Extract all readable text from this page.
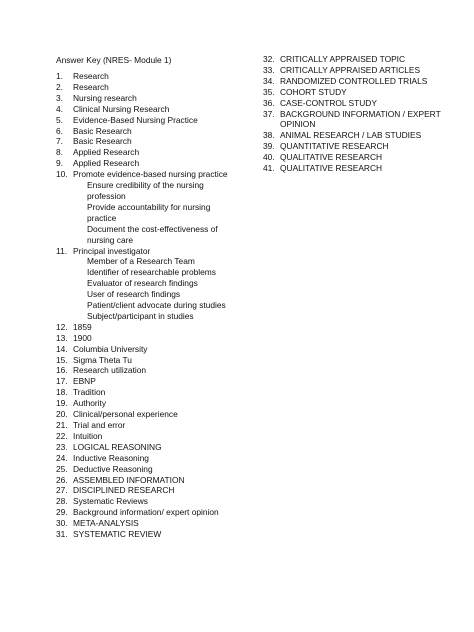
Answer Key (NRES- Module 1)
1.	Research
2.	Research
3.	Nursing research
4.	Clinical Nursing Research
5.	Evidence-Based Nursing Practice
6.	Basic Research
7.	Basic Research
8.	Applied Research
9.	Applied Research
10. Promote evidence-based nursing practice
Ensure credibility of the nursing profession
Provide accountability for nursing practice
Document the cost-effectiveness of nursing care
11. Principal investigator
Member of a Research Team
Identifier of researchable problems
Evaluator of research findings
User of research findings
Patient/client advocate during studies
Subject/participant in studies
12. 1859
13. 1900
14. Columbia University
15. Sigma Theta Tu
16. Research utilization
17. EBNP
18. Tradition
19. Authority
20. Clinical/personal experience
21. Trial and error
22. Intuition
23. LOGICAL REASONING
24. Inductive Reasoning
25. Deductive Reasoning
26. ASSEMBLED INFORMATION
27. DISCIPLINED RESEARCH
28. Systematic Reviews
29. Background information/ expert opinion
30. META-ANALYSIS
31. SYSTEMATIC REVIEW
32. CRITICALLY APPRAISED TOPIC
33. CRITICALLY APPRAISED ARTICLES
34. RANDOMIZED CONTROLLED TRIALS
35. COHORT STUDY
36. CASE-CONTROL STUDY
37. BACKGROUND INFORMATION / EXPERT OPINION
38. ANIMAL RESEARCH / LAB STUDIES
39. QUANTITATIVE RESEARCH
40. QUALITATIVE RESEARCH
41. QUALITATIVE RESEARCH
